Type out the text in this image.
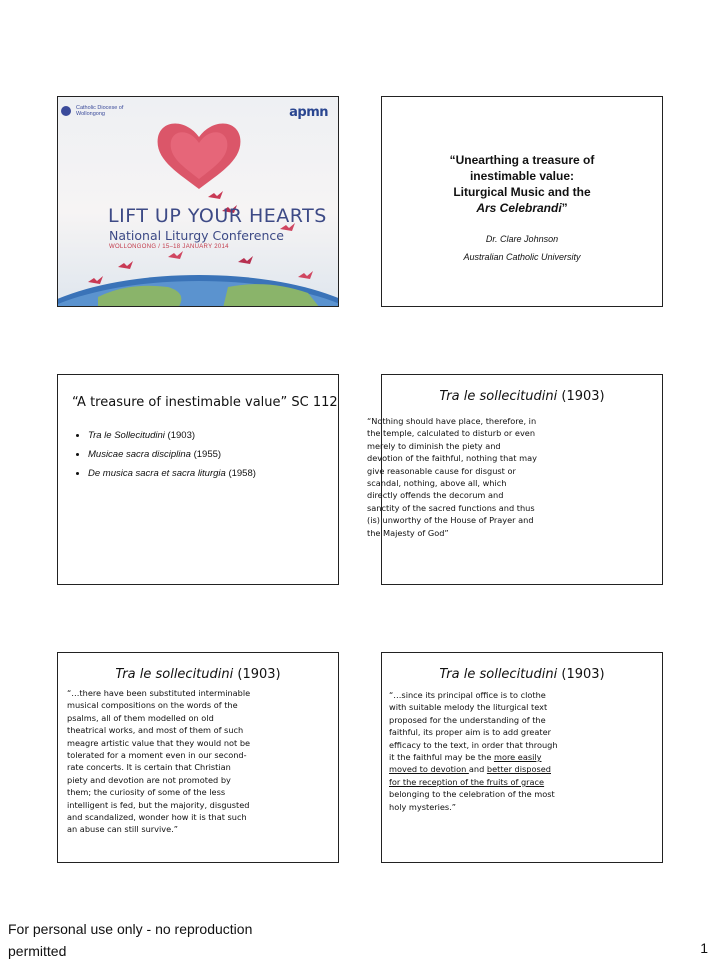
Catholic Diocese of Wollongong	apmn
LIFT UP YOUR HEARTS
National Liturgy Conference
WOLLONGONG / 15–18 JANUARY 2014
“Unearthing a treasure of
inestimable value:
Liturgical Music and the
Ars Celebrandi”
Dr. Clare Johnson
Australian Catholic University
“A treasure of inestimable value” SC 112
• Tra le Sollecitudini (1903)
• Musicae sacra disciplina (1955)
• De musica sacra et sacra liturgia (1958)
Tra le sollecitudini (1903)
“Nothing should have place, therefore, in the temple, calculated to disturb or even merely to diminish the piety and devotion of the faithful, nothing that may give reasonable cause for disgust or scandal, nothing, above all, which directly offends the decorum and sanctity of the sacred functions and thus (is) unworthy of the House of Prayer and the Majesty of God”
Tra le sollecitudini (1903)
“…there have been substituted interminable musical compositions on the words of the psalms, all of them modelled on old theatrical works, and most of them of such meagre artistic value that they would not be tolerated for a moment even in our second-rate concerts. It is certain that Christian piety and devotion are not promoted by them; the curiosity of some of the less intelligent is fed, but the majority, disgusted and scandalized, wonder how it is that such an abuse can still survive.”
Tra le sollecitudini (1903)
“…since its principal office is to clothe with suitable melody the liturgical text proposed for the understanding of the faithful, its proper aim is to add greater efficacy to the text, in order that through it the faithful may be the more easily moved to devotion and better disposed for the reception of the fruits of grace belonging to the celebration of the most holy mysteries.”
For personal use only - no reproduction permitted	1
